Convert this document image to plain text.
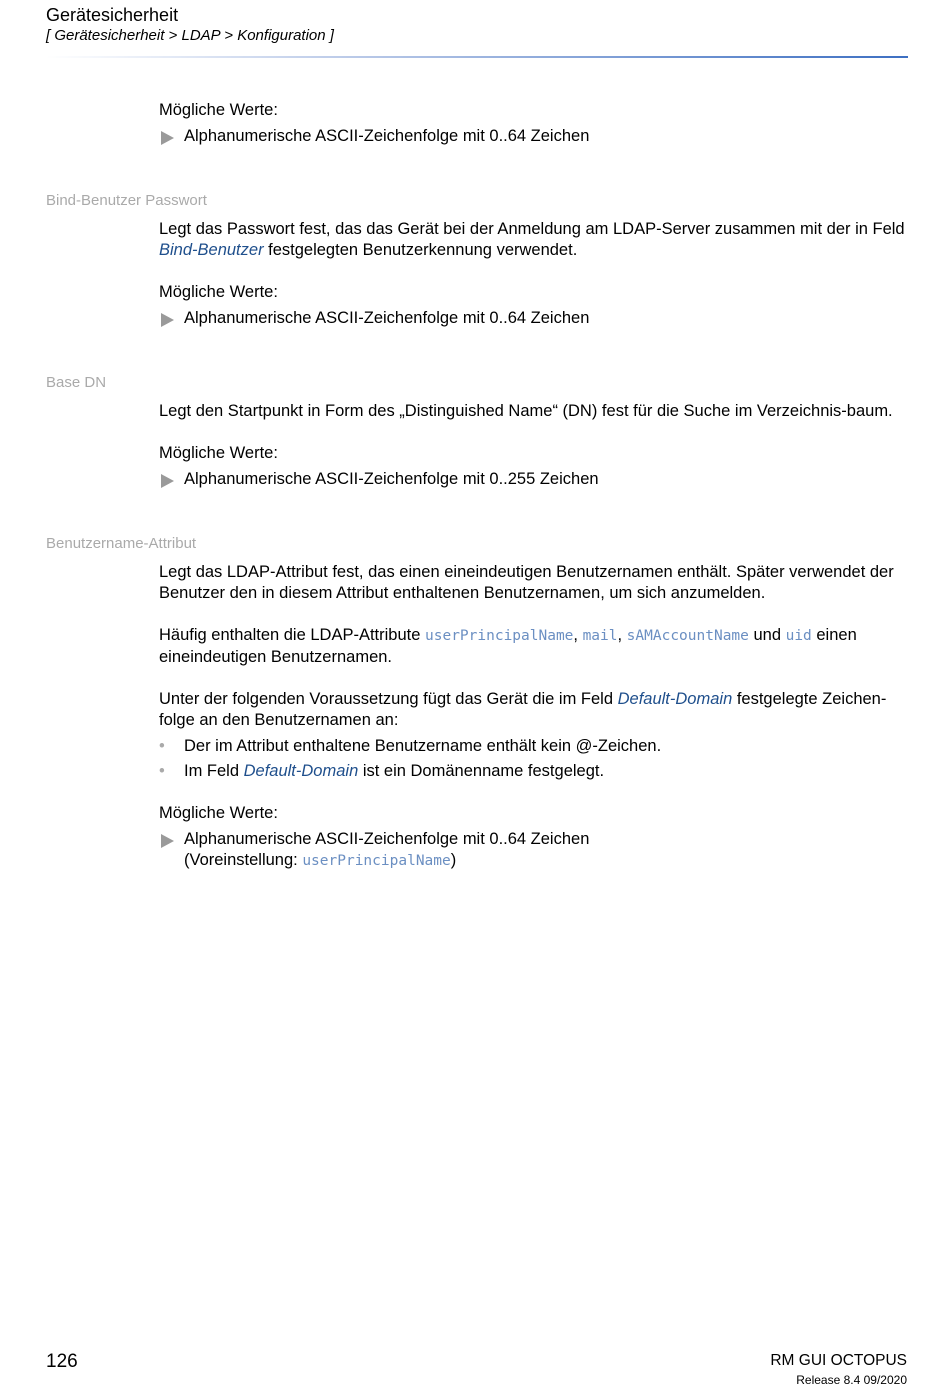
Gerätesicherheit
[ Gerätesicherheit > LDAP > Konfiguration ]

Mögliche Werte:

Alphanumerische ASCII-Zeichenfolge mit 0..64 Zeichen
Bind-Benutzer Passwort

Legt das Passwort fest, das das Gerät bei der Anmeldung am LDAP-Server zusammen mit der in Feld Bind-Benutzer festgelegten Benutzerkennung verwendet.

Mögliche Werte:

Alphanumerische ASCII-Zeichenfolge mit 0..64 Zeichen
Base DN

Legt den Startpunkt in Form des „Distinguished Name“ (DN) fest für die Suche im Verzeichnis-baum.

Mögliche Werte:

Alphanumerische ASCII-Zeichenfolge mit 0..255 Zeichen
Benutzername-Attribut

Legt das LDAP-Attribut fest, das einen eineindeutigen Benutzernamen enthält. Später verwendet der Benutzer den in diesem Attribut enthaltenen Benutzernamen, um sich anzumelden.

Häufig enthalten die LDAP-Attribute userPrincipalName, mail, sAMAccountName und uid einen eineindeutigen Benutzernamen.

Unter der folgenden Voraussetzung fügt das Gerät die im Feld Default-Domain festgelegte Zeichen-folge an den Benutzernamen an:

• Der im Attribut enthaltene Benutzername enthält kein @-Zeichen.
• Im Feld Default-Domain ist ein Domänenname festgelegt.

Mögliche Werte:

Alphanumerische ASCII-Zeichenfolge mit 0..64 Zeichen
(Voreinstellung: userPrincipalName)
126	RM GUI OCTOPUS
Release 8.4 09/2020
